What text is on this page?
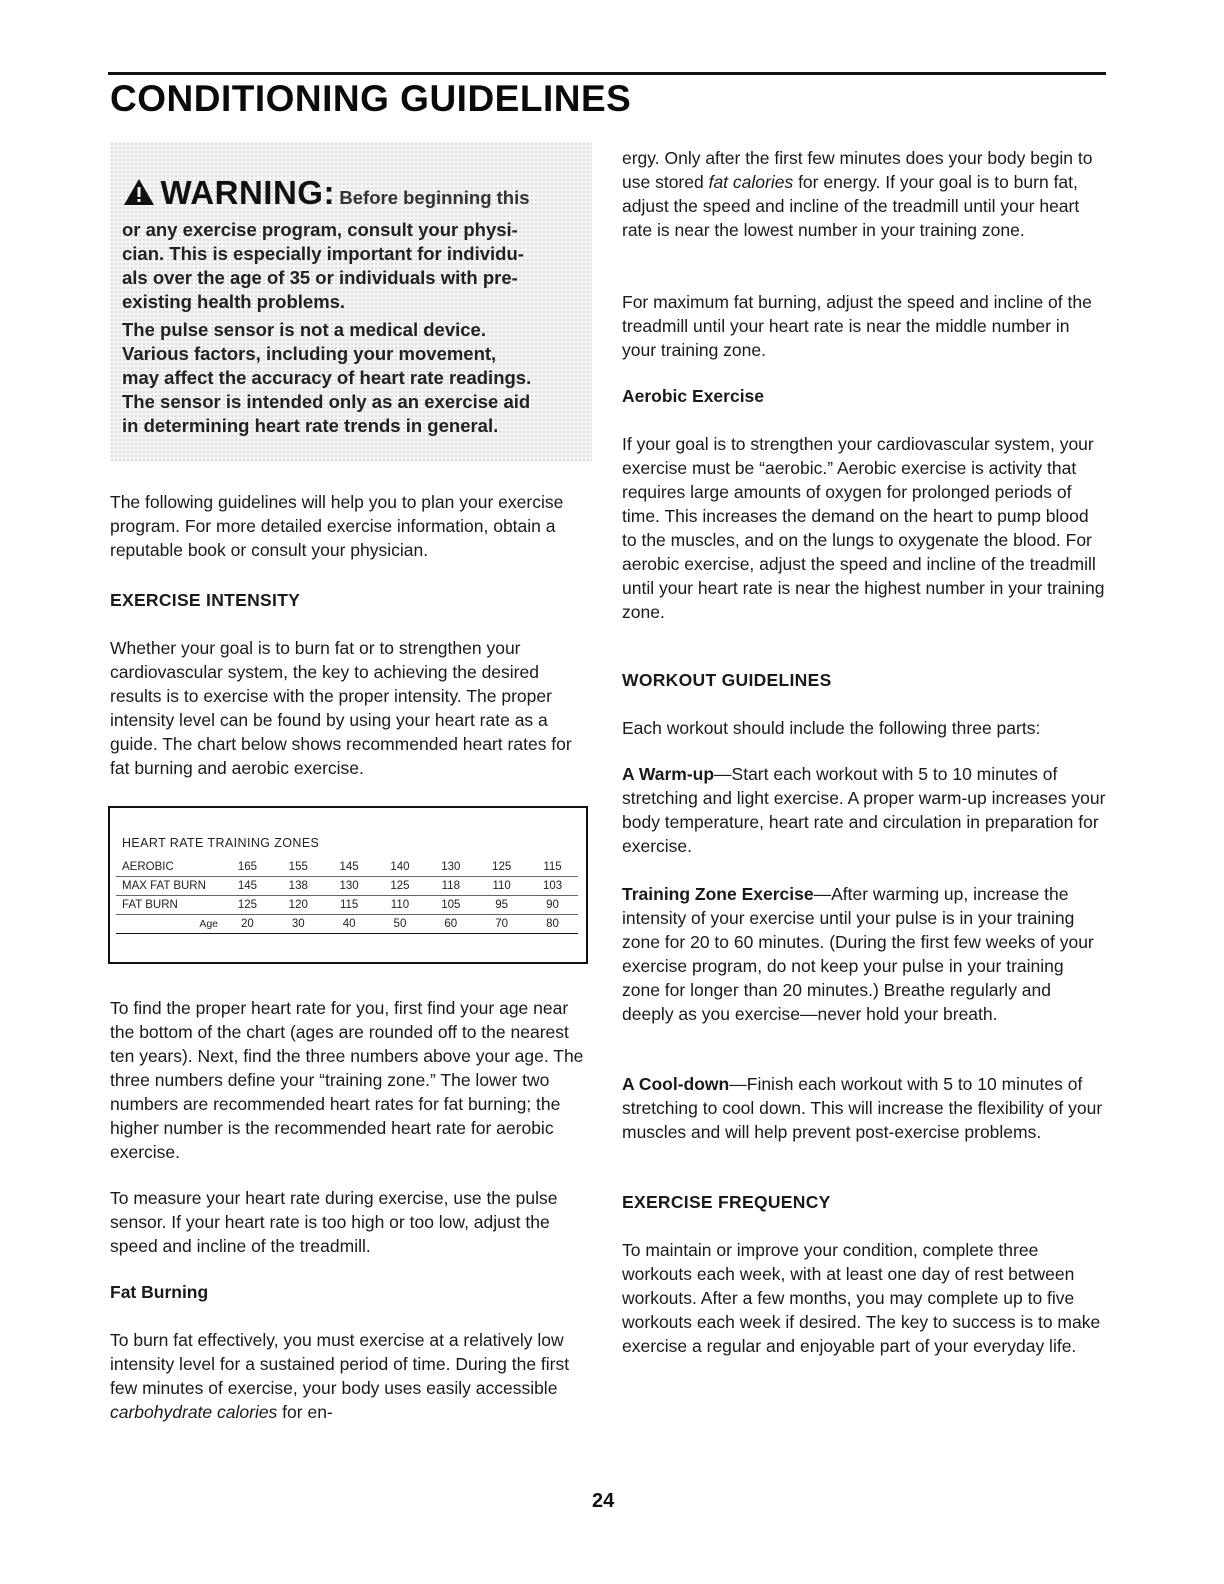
CONDITIONING GUIDELINES
WARNING: Before beginning this
or any exercise program, consult your physi-
cian. This is especially important for individu-
als over the age of 35 or individuals with pre-
existing health problems.
The pulse sensor is not a medical device.
Various factors, including your movement,
may affect the accuracy of heart rate readings.
The sensor is intended only as an exercise aid
in determining heart rate trends in general.

The following guidelines will help you to plan your exercise program. For more detailed exercise information, obtain a reputable book or consult your physician.

EXERCISE INTENSITY

Whether your goal is to burn fat or to strengthen your cardiovascular system, the key to achieving the desired results is to exercise with the proper intensity. The proper intensity level can be found by using your heart rate as a guide. The chart below shows recommended heart rates for fat burning and aerobic exercise.

HEART RATE TRAINING ZONES
AEROBIC	165	155	145	140	130	125	115
MAX FAT BURN	145	138	130	125	118	110	103
FAT BURN	125	120	115	110	105	95	90
Age	20	30	40	50	60	70	80

To find the proper heart rate for you, first find your age near the bottom of the chart (ages are rounded off to the nearest ten years). Next, find the three numbers above your age. The three numbers define your “training zone.” The lower two numbers are recommended heart rates for fat burning; the higher number is the recommended heart rate for aerobic exercise.

To measure your heart rate during exercise, use the pulse sensor. If your heart rate is too high or too low, adjust the speed and incline of the treadmill.

Fat Burning

To burn fat effectively, you must exercise at a relatively low intensity level for a sustained period of time. During the first few minutes of exercise, your body uses easily accessible carbohydrate calories for en-

ergy. Only after the first few minutes does your body begin to use stored fat calories for energy. If your goal is to burn fat, adjust the speed and incline of the treadmill until your heart rate is near the lowest number in your training zone.

For maximum fat burning, adjust the speed and incline of the treadmill until your heart rate is near the middle number in your training zone.

Aerobic Exercise

If your goal is to strengthen your cardiovascular system, your exercise must be “aerobic.” Aerobic exercise is activity that requires large amounts of oxygen for prolonged periods of time. This increases the demand on the heart to pump blood to the muscles, and on the lungs to oxygenate the blood. For aerobic exercise, adjust the speed and incline of the treadmill until your heart rate is near the highest number in your training zone.

WORKOUT GUIDELINES

Each workout should include the following three parts:

A Warm-up—Start each workout with 5 to 10 minutes of stretching and light exercise. A proper warm-up increases your body temperature, heart rate and circulation in preparation for exercise.

Training Zone Exercise—After warming up, increase the intensity of your exercise until your pulse is in your training zone for 20 to 60 minutes. (During the first few weeks of your exercise program, do not keep your pulse in your training zone for longer than 20 minutes.) Breathe regularly and deeply as you exercise—never hold your breath.

A Cool-down—Finish each workout with 5 to 10 minutes of stretching to cool down. This will increase the flexibility of your muscles and will help prevent post-exercise problems.

EXERCISE FREQUENCY

To maintain or improve your condition, complete three workouts each week, with at least one day of rest between workouts. After a few months, you may complete up to five workouts each week if desired. The key to success is to make exercise a regular and enjoyable part of your everyday life.

24
